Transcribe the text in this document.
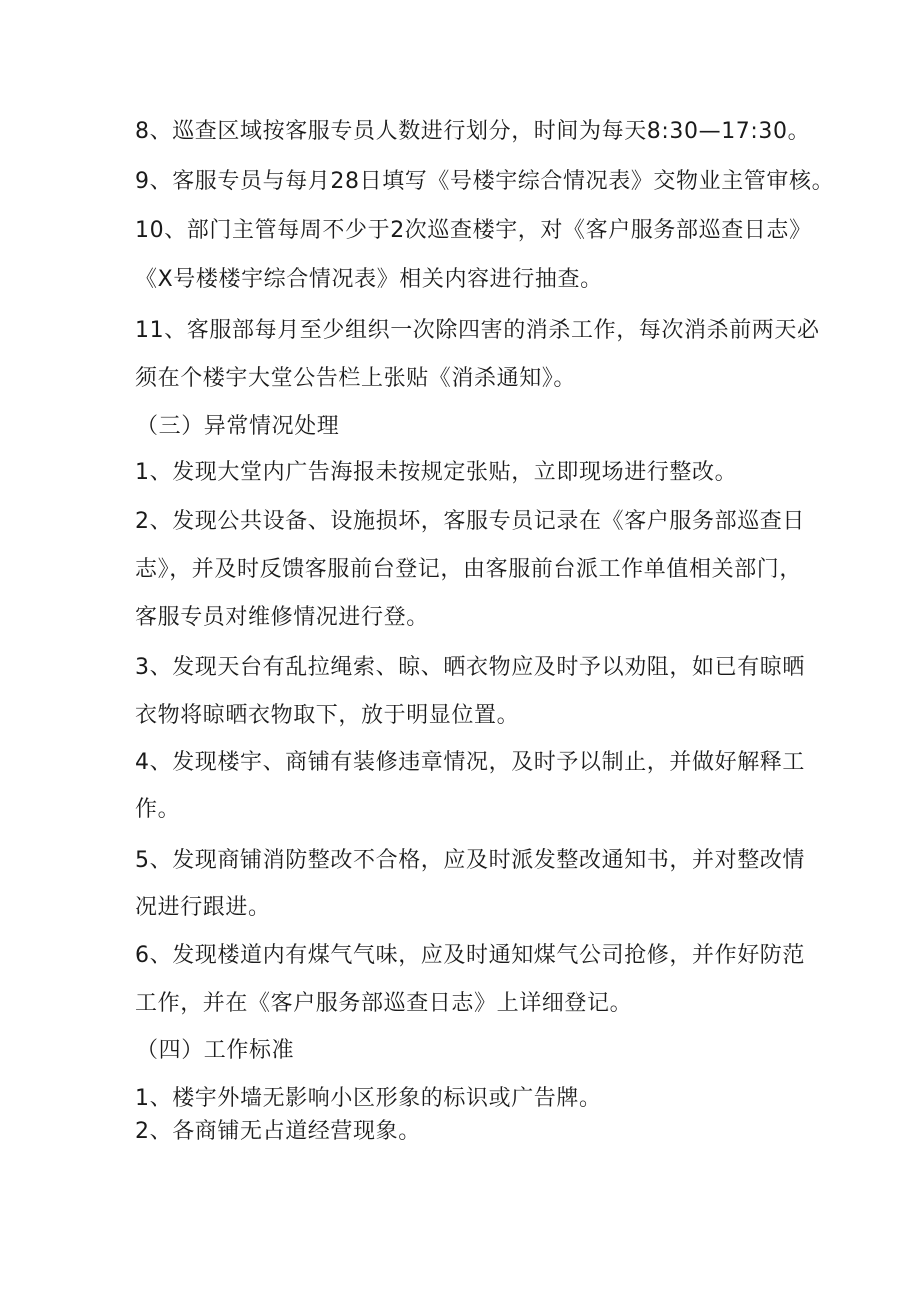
8、巡查区域按客服专员人数进行划分，时间为每天8:30—17:30。
9、客服专员与每月28日填写《号楼宇综合情况表》交物业主管审核。
10、部门主管每周不少于2次巡查楼宇，对《客户服务部巡查日志》
《X号楼楼宇综合情况表》相关内容进行抽查。
11、客服部每月至少组织一次除四害的消杀工作，每次消杀前两天必
须在个楼宇大堂公告栏上张贴《消杀通知》。
（三）异常情况处理
1、发现大堂内广告海报未按规定张贴，立即现场进行整改。
2、发现公共设备、设施损坏，客服专员记录在《客户服务部巡查日
志》，并及时反馈客服前台登记，由客服前台派工作单值相关部门，
客服专员对维修情况进行登。
3、发现天台有乱拉绳索、晾、晒衣物应及时予以劝阻，如已有晾晒
衣物将晾晒衣物取下，放于明显位置。
4、发现楼宇、商铺有装修违章情况，及时予以制止，并做好解释工
作。
5、发现商铺消防整改不合格，应及时派发整改通知书，并对整改情
况进行跟进。
6、发现楼道内有煤气气味，应及时通知煤气公司抢修，并作好防范
工作，并在《客户服务部巡查日志》上详细登记。
（四）工作标准
1、楼宇外墙无影响小区形象的标识或广告牌。
2、各商铺无占道经营现象。
